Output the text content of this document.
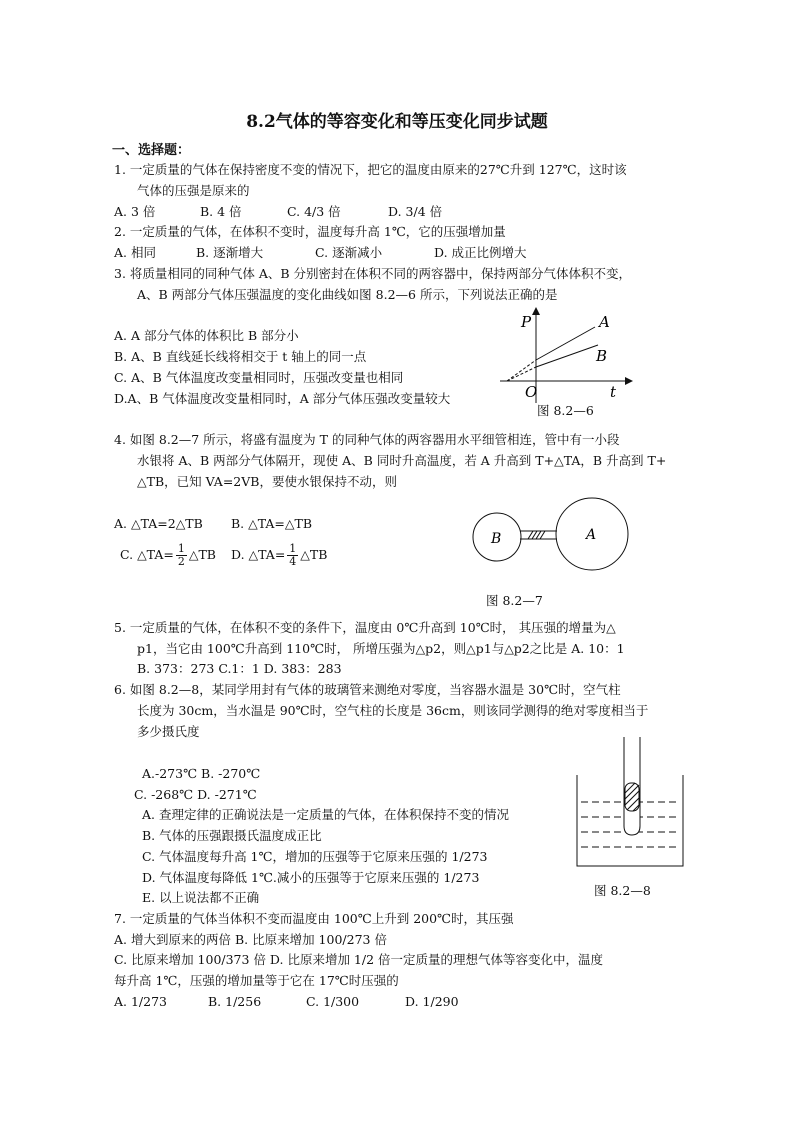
8.2气体的等容变化和等压变化同步试题
一、选择题：
1. 一定质量的气体在保持密度不变的情况下，把它的温度由原来的27℃升到 127℃，这时该
气体的压强是原来的
A. 3 倍	B. 4 倍	C. 4/3 倍	D. 3/4 倍
2. 一定质量的气体，在体积不变时，温度每升高 1℃，它的压强增加量
A. 相同	B. 逐渐增大	C. 逐渐减小	D. 成正比例增大
3. 将质量相同的同种气体 A、B 分别密封在体积不同的两容器中，保持两部分气体体积不变，
A、B 两部分气体压强温度的变化曲线如图 8.2—6 所示，下列说法正确的是
A. A 部分气体的体积比 B 部分小
B. A、B 直线延长线将相交于 t 轴上的同一点
C. A、B 气体温度改变量相同时，压强改变量也相同
D.A、B 气体温度改变量相同时，A 部分气体压强改变量较大
P	A
B
O	t
图 8.2—6
4. 如图 8.2—7 所示，将盛有温度为 T 的同种气体的两容器用水平细管相连，管中有一小段
水银将 A、B 两部分气体隔开，现使 A、B 同时升高温度，若 A 升高到 T+△TA，B 升高到 T+
△TB，已知 VA=2VB，要使水银保持不动，则
A. △TA=2△TB B. △TA=△TB
C. △TA= $\frac{1}{2}$ △TB D. △TA= $\frac{1}{4}$ △TB
B	A
图 8.2—7
5. 一定质量的气体，在体积不变的条件下，温度由 0℃升高到 10℃时， 其压强的增量为△
p1，当它由 100℃升高到 110℃时， 所增压强为△p2，则△p1与△p2之比是 A. 10：1
B. 373：273 C.1：1 D. 383：283
6. 如图 8.2—8，某同学用封有气体的玻璃管来测绝对零度，当容器水温是 30℃时，空气柱
长度为 30cm，当水温是 90℃时，空气柱的长度是 36cm，则该同学测得的绝对零度相当于
多少摄氏度
A.-273℃ B. -270℃
C. -268℃ D. -271℃
A. 查理定律的正确说法是一定质量的气体，在体积保持不变的情况
B. 气体的压强跟摄氏温度成正比
C. 气体温度每升高 1℃，增加的压强等于它原来压强的 1/273
D. 气体温度每降低 1℃.减小的压强等于它原来压强的 1/273
E. 以上说法都不正确	图 8.2—8
7. 一定质量的气体当体积不变而温度由 100℃上升到 200℃时，其压强
A. 增大到原来的两倍 B. 比原来增加 100/273 倍
C. 比原来增加 100/373 倍 D. 比原来增加 1/2 倍一定质量的理想气体等容变化中，温度
每升高 1℃，压强的增加量等于它在 17℃时压强的
A. 1/273	B. 1/256	C. 1/300	D. 1/290
